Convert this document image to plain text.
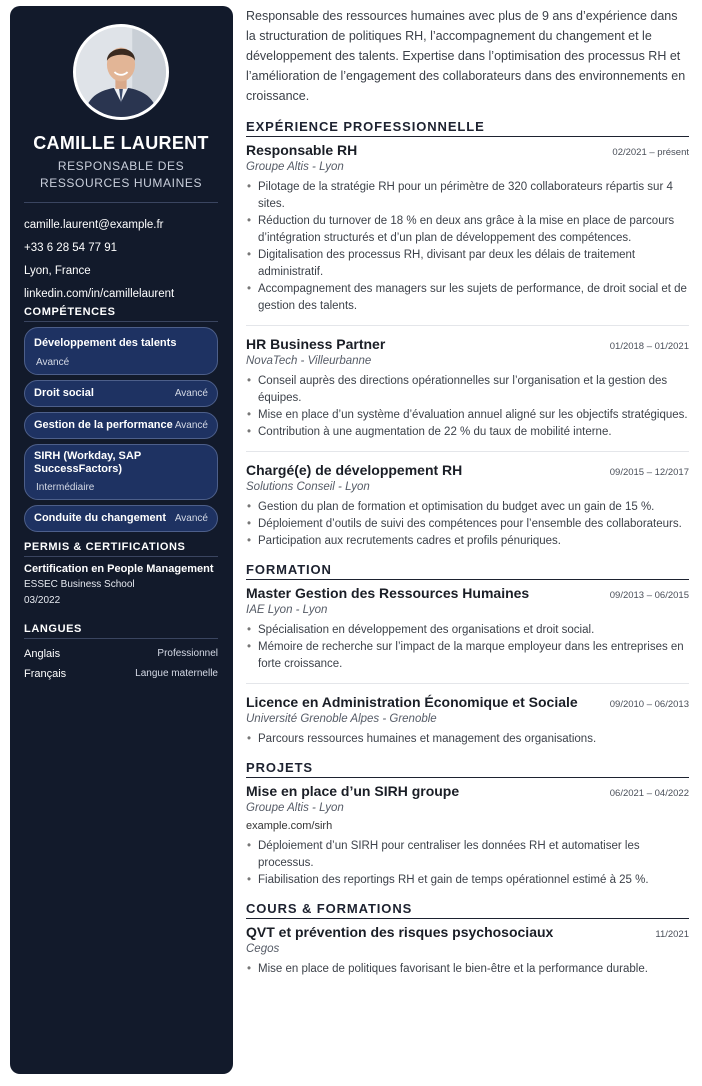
CAMILLE LAURENT
RESPONSABLE DES RESSOURCES HUMAINES
camille.laurent@example.fr
+33 6 28 54 77 91
Lyon, France
linkedin.com/in/camillelaurent
COMPÉTENCES
Développement des talents
Avancé
Droit social	Avancé
Gestion de la performance Avancé
SIRH (Workday, SAP SuccessFactors)
Intermédiaire
Conduite du changement Avancé
PERMIS & CERTIFICATIONS
Certification en People Management
ESSEC Business School
03/2022
LANGUES
Anglais	Professionnel
Français	Langue maternelle

Responsable des ressources humaines avec plus de 9 ans d’expérience dans la structuration de politiques RH, l’accompagnement du changement et le développement des talents. Expertise dans l’optimisation des processus RH et l’amélioration de l’engagement des collaborateurs dans des environnements en croissance.

EXPÉRIENCE PROFESSIONNELLE
Responsable RH	02/2021 – présent
Groupe Altis - Lyon
• Pilotage de la stratégie RH pour un périmètre de 320 collaborateurs répartis sur 4 sites.
• Réduction du turnover de 18 % en deux ans grâce à la mise en place de parcours d’intégration structurés et d’un plan de développement des compétences.
• Digitalisation des processus RH, divisant par deux les délais de traitement administratif.
• Accompagnement des managers sur les sujets de performance, de droit social et de gestion des talents.
HR Business Partner	01/2018 – 01/2021
NovaTech - Villeurbanne
• Conseil auprès des directions opérationnelles sur l’organisation et la gestion des équipes.
• Mise en place d’un système d’évaluation annuel aligné sur les objectifs stratégiques.
• Contribution à une augmentation de 22 % du taux de mobilité interne.
Chargé(e) de développement RH	09/2015 – 12/2017
Solutions Conseil - Lyon
• Gestion du plan de formation et optimisation du budget avec un gain de 15 %.
• Déploiement d’outils de suivi des compétences pour l’ensemble des collaborateurs.
• Participation aux recrutements cadres et profils pénuriques.
FORMATION
Master Gestion des Ressources Humaines	09/2013 – 06/2015
IAE Lyon - Lyon
• Spécialisation en développement des organisations et droit social.
• Mémoire de recherche sur l’impact de la marque employeur dans les entreprises en forte croissance.
Licence en Administration Économique et Sociale	09/2010 – 06/2013
Université Grenoble Alpes - Grenoble
• Parcours ressources humaines et management des organisations.
PROJETS
Mise en place d’un SIRH groupe	06/2021 – 04/2022
Groupe Altis - Lyon
example.com/sirh
• Déploiement d’un SIRH pour centraliser les données RH et automatiser les processus.
• Fiabilisation des reportings RH et gain de temps opérationnel estimé à 25 %.
COURS & FORMATIONS
QVT et prévention des risques psychosociaux	11/2021
Cegos
• Mise en place de politiques favorisant le bien-être et la performance durable.
